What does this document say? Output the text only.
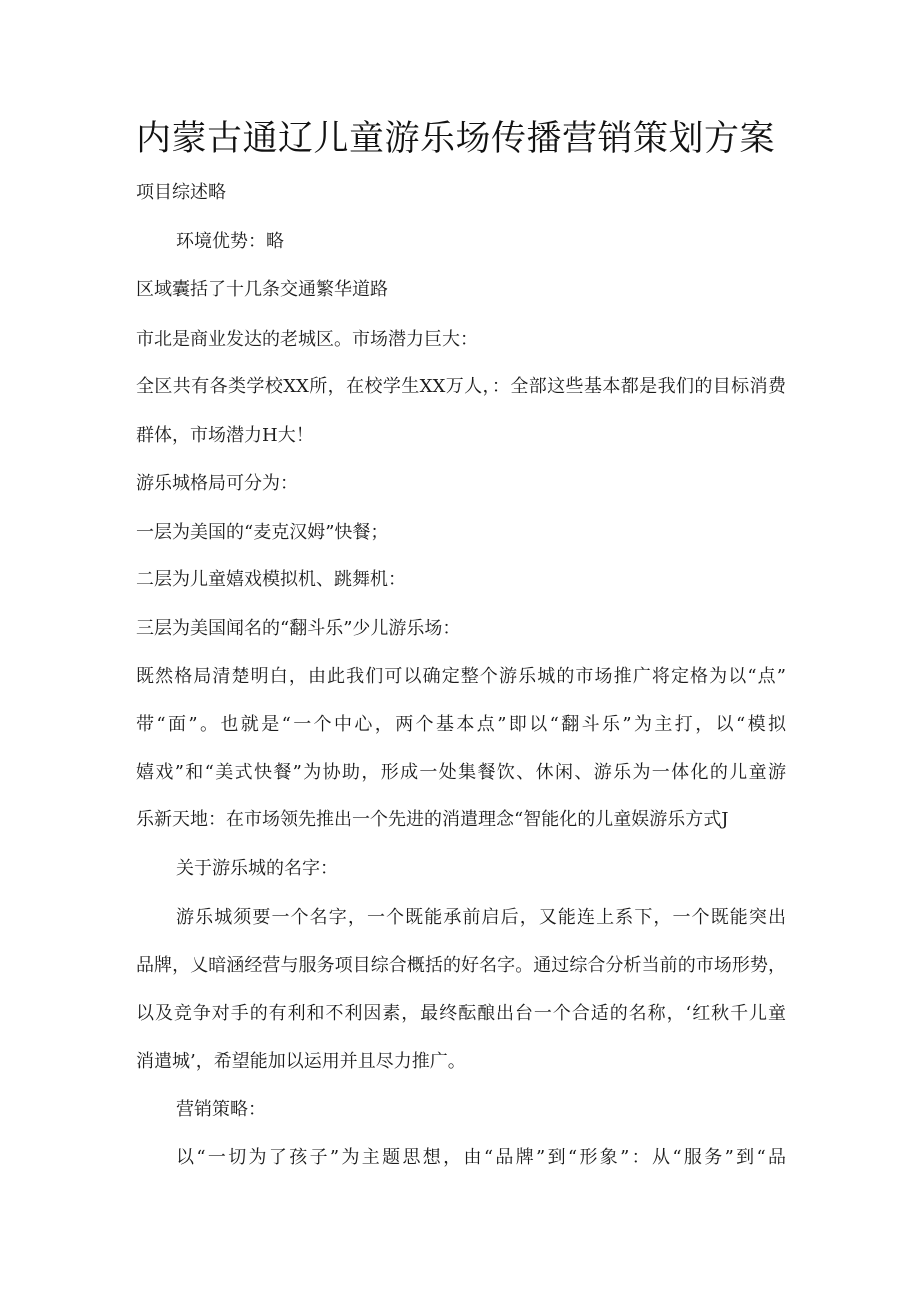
内蒙古通辽儿童游乐场传播营销策划方案

项目综述略

环境优势：略

区域囊括了十几条交通繁华道路

市北是商业发达的老城区。市场潜力巨大：

全区共有各类学校XX所，在校学生XX万人，：全部这些基本都是我们的目标消费

群体，市场潜力H大！

游乐城格局可分为：

一层为美国的“麦克汉姆”快餐；

二层为儿童嬉戏模拟机、跳舞机：

三层为美国闻名的“翻斗乐”少儿游乐场：

既然格局清楚明白，由此我们可以确定整个游乐城的市场推广将定格为以“点”

带“面”。也就是“一个中心，两个基本点”即以“翻斗乐”为主打，以“模拟

嬉戏”和“美式快餐”为协助，形成一处集餐饮、休闲、游乐为一体化的儿童游

乐新天地：在市场领先推出一个先进的消遣理念“智能化的儿童娱游乐方式J

关于游乐城的名字：

游乐城须要一个名字，一个既能承前启后，又能连上系下，一个既能突出

品牌，乂暗涵经营与服务项目综合概括的好名字。通过综合分析当前的市场形势，

以及竞争对手的有利和不利因素，最终酝酿出台一个合适的名称，‘红秋千儿童

消遣城’，希望能加以运用并且尽力推广。

营销策略：

以“一切为了孩子”为主题思想，由“品牌”到“形象”：从“服务”到“品
